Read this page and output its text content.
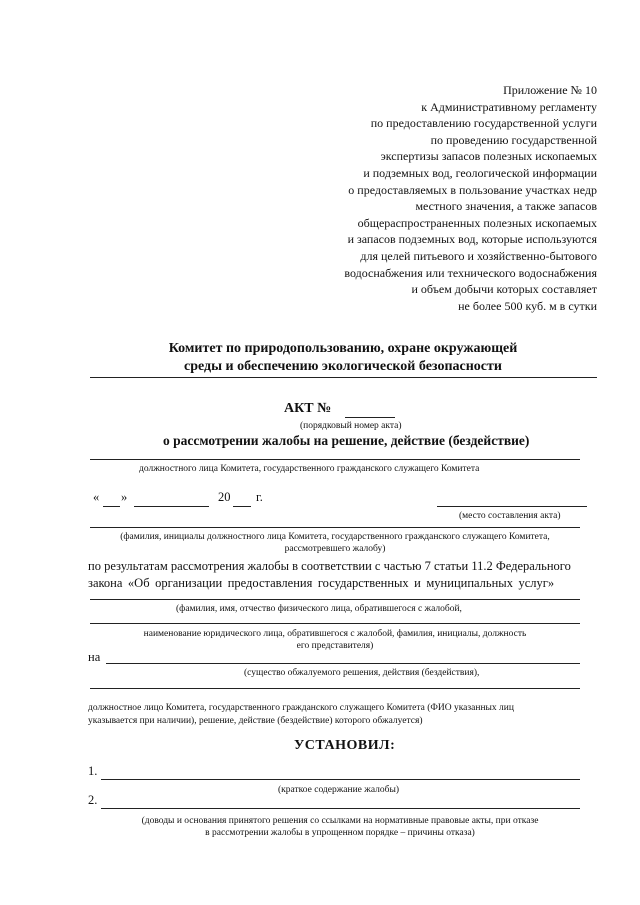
Приложение № 10
к Административному регламенту
по предоставлению государственной услуги
по проведению государственной
экспертизы запасов полезных ископаемых
и подземных вод, геологической информации
о предоставляемых в пользование участках недр
местного значения, а также запасов
общераспространенных полезных ископаемых
и запасов подземных вод, которые используются
для целей питьевого и хозяйственно-бытового
водоснабжения или технического водоснабжения
и объем добычи которых составляет
не более 500 куб. м в сутки
Комитет по природопользованию, охране окружающей
среды и обеспечению экологической безопасности
АКТ №
(порядковый номер акта)
о рассмотрении жалобы на решение, действие (бездействие)
должностного лица Комитета, государственного гражданского служащего Комитета
« »	20 г.
(место составления акта)
(фамилия, инициалы должностного лица Комитета, государственного гражданского служащего Комитета,
рассмотревшего жалобу)
по результатам рассмотрения жалобы в соответствии с частью 7 статьи 11.2 Федерального
закона «Об организации предоставления государственных и муниципальных услуг»
(фамилия, имя, отчество физического лица, обратившегося с жалобой,
наименование юридического лица, обратившегося с жалобой, фамилия, инициалы, должность
его представителя)
на
(существо обжалуемого решения, действия (бездействия),
должностное лицо Комитета, государственного гражданского служащего Комитета (ФИО указанных лиц
указывается при наличии), решение, действие (бездействие) которого обжалуется)
УСТАНОВИЛ:
1.
(краткое содержание жалобы)
2.
(доводы и основания принятого решения со ссылками на нормативные правовые акты, при отказе
в рассмотрении жалобы в упрощенном порядке – причины отказа)
